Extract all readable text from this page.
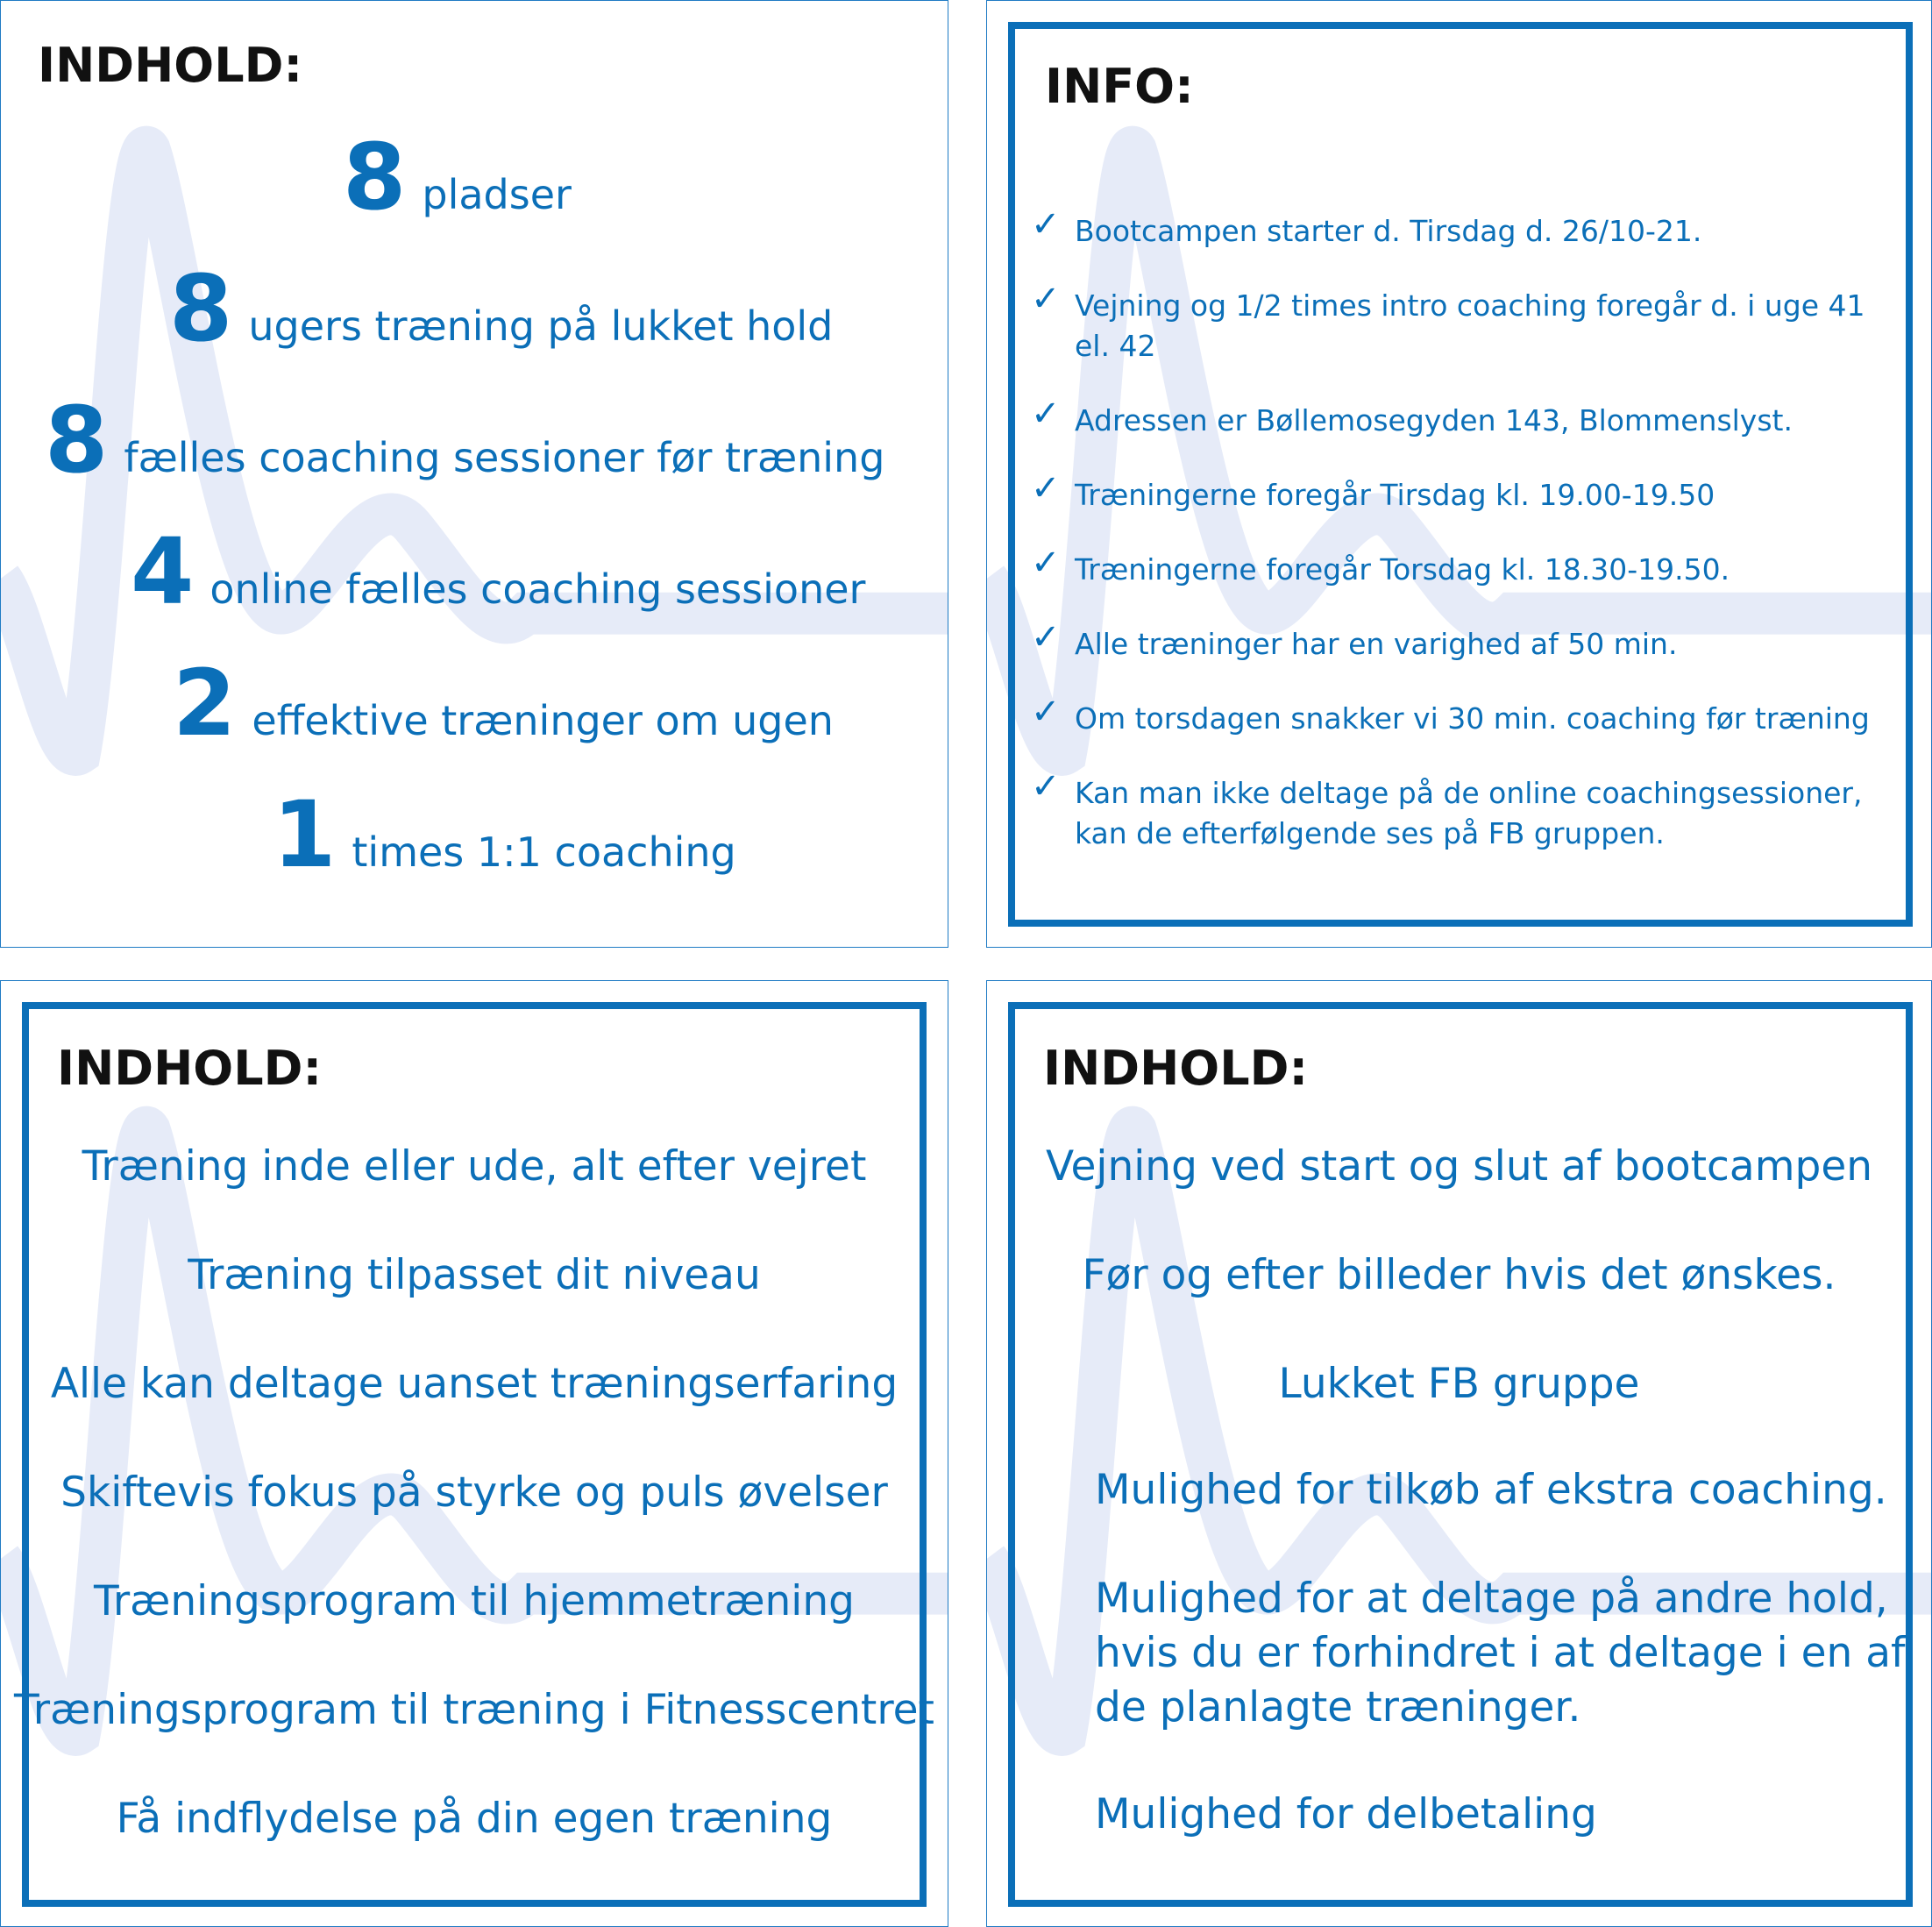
INDHOLD:
8 pladser
8 ugers træning på lukket hold
8 fælles coaching sessioner før træning
4 online fælles coaching sessioner
2 effektive træninger om ugen
1 times 1:1 coaching
INFO:
✓ Bootcampen starter d. Tirsdag d. 26/10-21.
✓ Vejning og 1/2 times intro coaching foregår d. i uge 41 el. 42
✓ Adressen er Bøllemosegyden 143, Blommenslyst.
✓ Træningerne foregår Tirsdag kl. 19.00-19.50
✓ Træningerne foregår Torsdag kl. 18.30-19.50.
✓ Alle træninger har en varighed af 50 min.
✓ Om torsdagen snakker vi 30 min. coaching før træning
✓ Kan man ikke deltage på de online coachingsessioner,
kan de efterfølgende ses på FB gruppen.
INDHOLD:
Træning inde eller ude, alt efter vejret
Træning tilpasset dit niveau
Alle kan deltage uanset træningserfaring
Skiftevis fokus på styrke og puls øvelser
Træningsprogram til hjemmetræning
Træningsprogram til træning i Fitnesscentret
Få indflydelse på din egen træning
INDHOLD:
Vejning ved start og slut af bootcampen
Før og efter billeder hvis det ønskes.
Lukket FB gruppe
Mulighed for tilkøb af ekstra coaching.
Mulighed for at deltage på andre hold,
hvis du er forhindret i at deltage i en af
de planlagte træninger.
Mulighed for delbetaling
